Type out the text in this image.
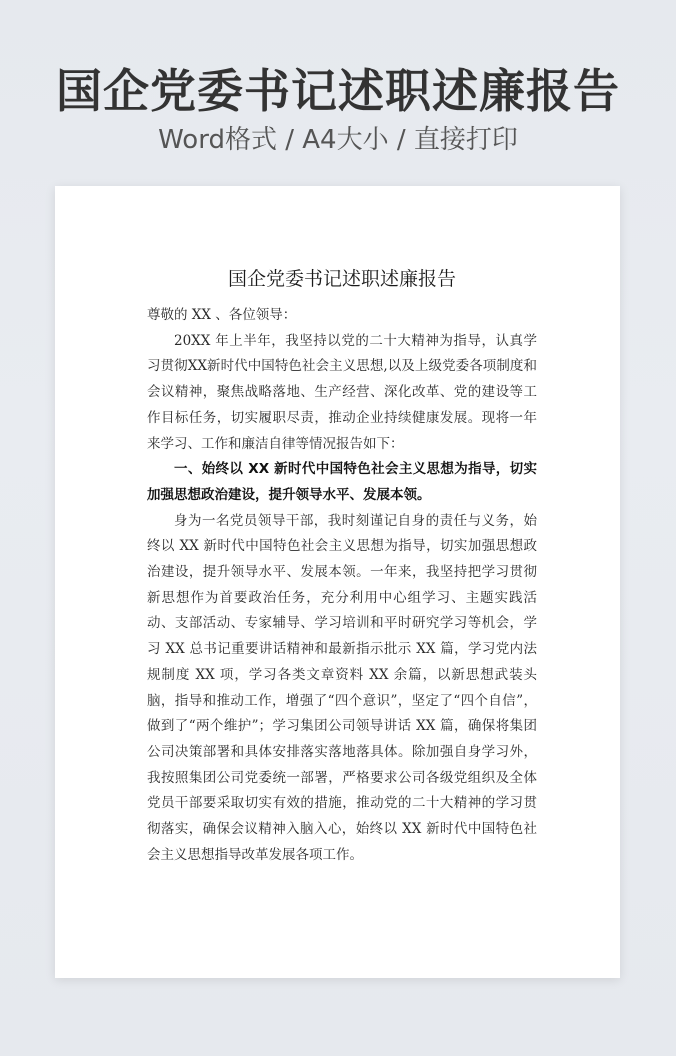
国企党委书记述职述廉报告
Word格式 / A4大小 / 直接打印
国企党委书记述职述廉报告

尊敬的 XX 、各位领导：

20XX 年上半年，我坚持以党的二十大精神为指导，认真学习贯彻XX新时代中国特色社会主义思想,以及上级党委各项制度和会议精神，聚焦战略落地、生产经营、深化改革、党的建设等工作目标任务，切实履职尽责，推动企业持续健康发展。现将一年来学习、工作和廉洁自律等情况报告如下：

一、始终以 XX 新时代中国特色社会主义思想为指导，切实加强思想政治建设，提升领导水平、发展本领。

身为一名党员领导干部，我时刻谨记自身的责任与义务，始终以 XX 新时代中国特色社会主义思想为指导，切实加强思想政治建设，提升领导水平、发展本领。一年来，我坚持把学习贯彻新思想作为首要政治任务，充分利用中心组学习、主题实践活动、支部活动、专家辅导、学习培训和平时研究学习等机会，学习 XX 总书记重要讲话精神和最新指示批示 XX 篇，学习党内法规制度 XX 项，学习各类文章资料 XX 余篇，以新思想武装头脑，指导和推动工作，增强了“四个意识”，坚定了“四个自信”，做到了“两个维护”；学习集团公司领导讲话 XX 篇，确保将集团公司决策部署和具体安排落实落地落具体。除加强自身学习外，我按照集团公司党委统一部署，严格要求公司各级党组织及全体党员干部要采取切实有效的措施，推动党的二十大精神的学习贯彻落实，确保会议精神入脑入心，始终以 XX 新时代中国特色社会主义思想指导改革发展各项工作。
